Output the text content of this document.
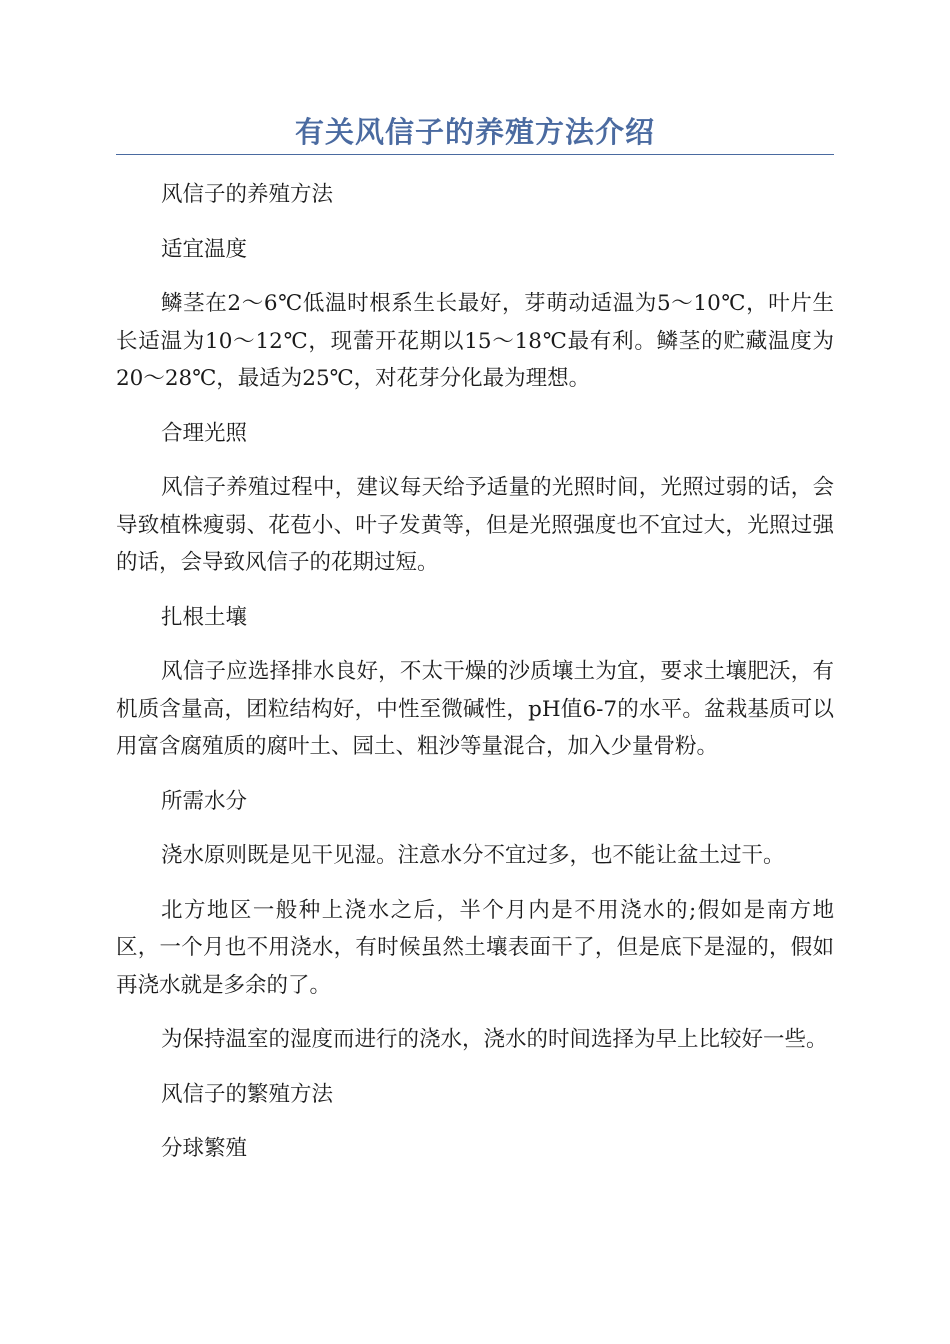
有关风信子的养殖方法介绍

风信子的养殖方法

适宜温度

鳞茎在2～6℃低温时根系生长最好，芽萌动适温为5～10℃，叶片生长适温为10～12℃，现蕾开花期以15～18℃最有利。鳞茎的贮藏温度为20～28℃，最适为25℃，对花芽分化最为理想。

合理光照

风信子养殖过程中，建议每天给予适量的光照时间，光照过弱的话，会导致植株瘦弱、花苞小、叶子发黄等，但是光照强度也不宜过大，光照过强的话，会导致风信子的花期过短。

扎根土壤

风信子应选择排水良好，不太干燥的沙质壤土为宜，要求土壤肥沃，有机质含量高，团粒结构好，中性至微碱性，pH值6-7的水平。盆栽基质可以用富含腐殖质的腐叶土、园土、粗沙等量混合，加入少量骨粉。

所需水分

浇水原则既是见干见湿。注意水分不宜过多，也不能让盆土过干。

北方地区一般种上浇水之后，半个月内是不用浇水的;假如是南方地区，一个月也不用浇水，有时候虽然土壤表面干了，但是底下是湿的，假如再浇水就是多余的了。

为保持温室的湿度而进行的浇水，浇水的时间选择为早上比较好一些。

风信子的繁殖方法

分球繁殖
